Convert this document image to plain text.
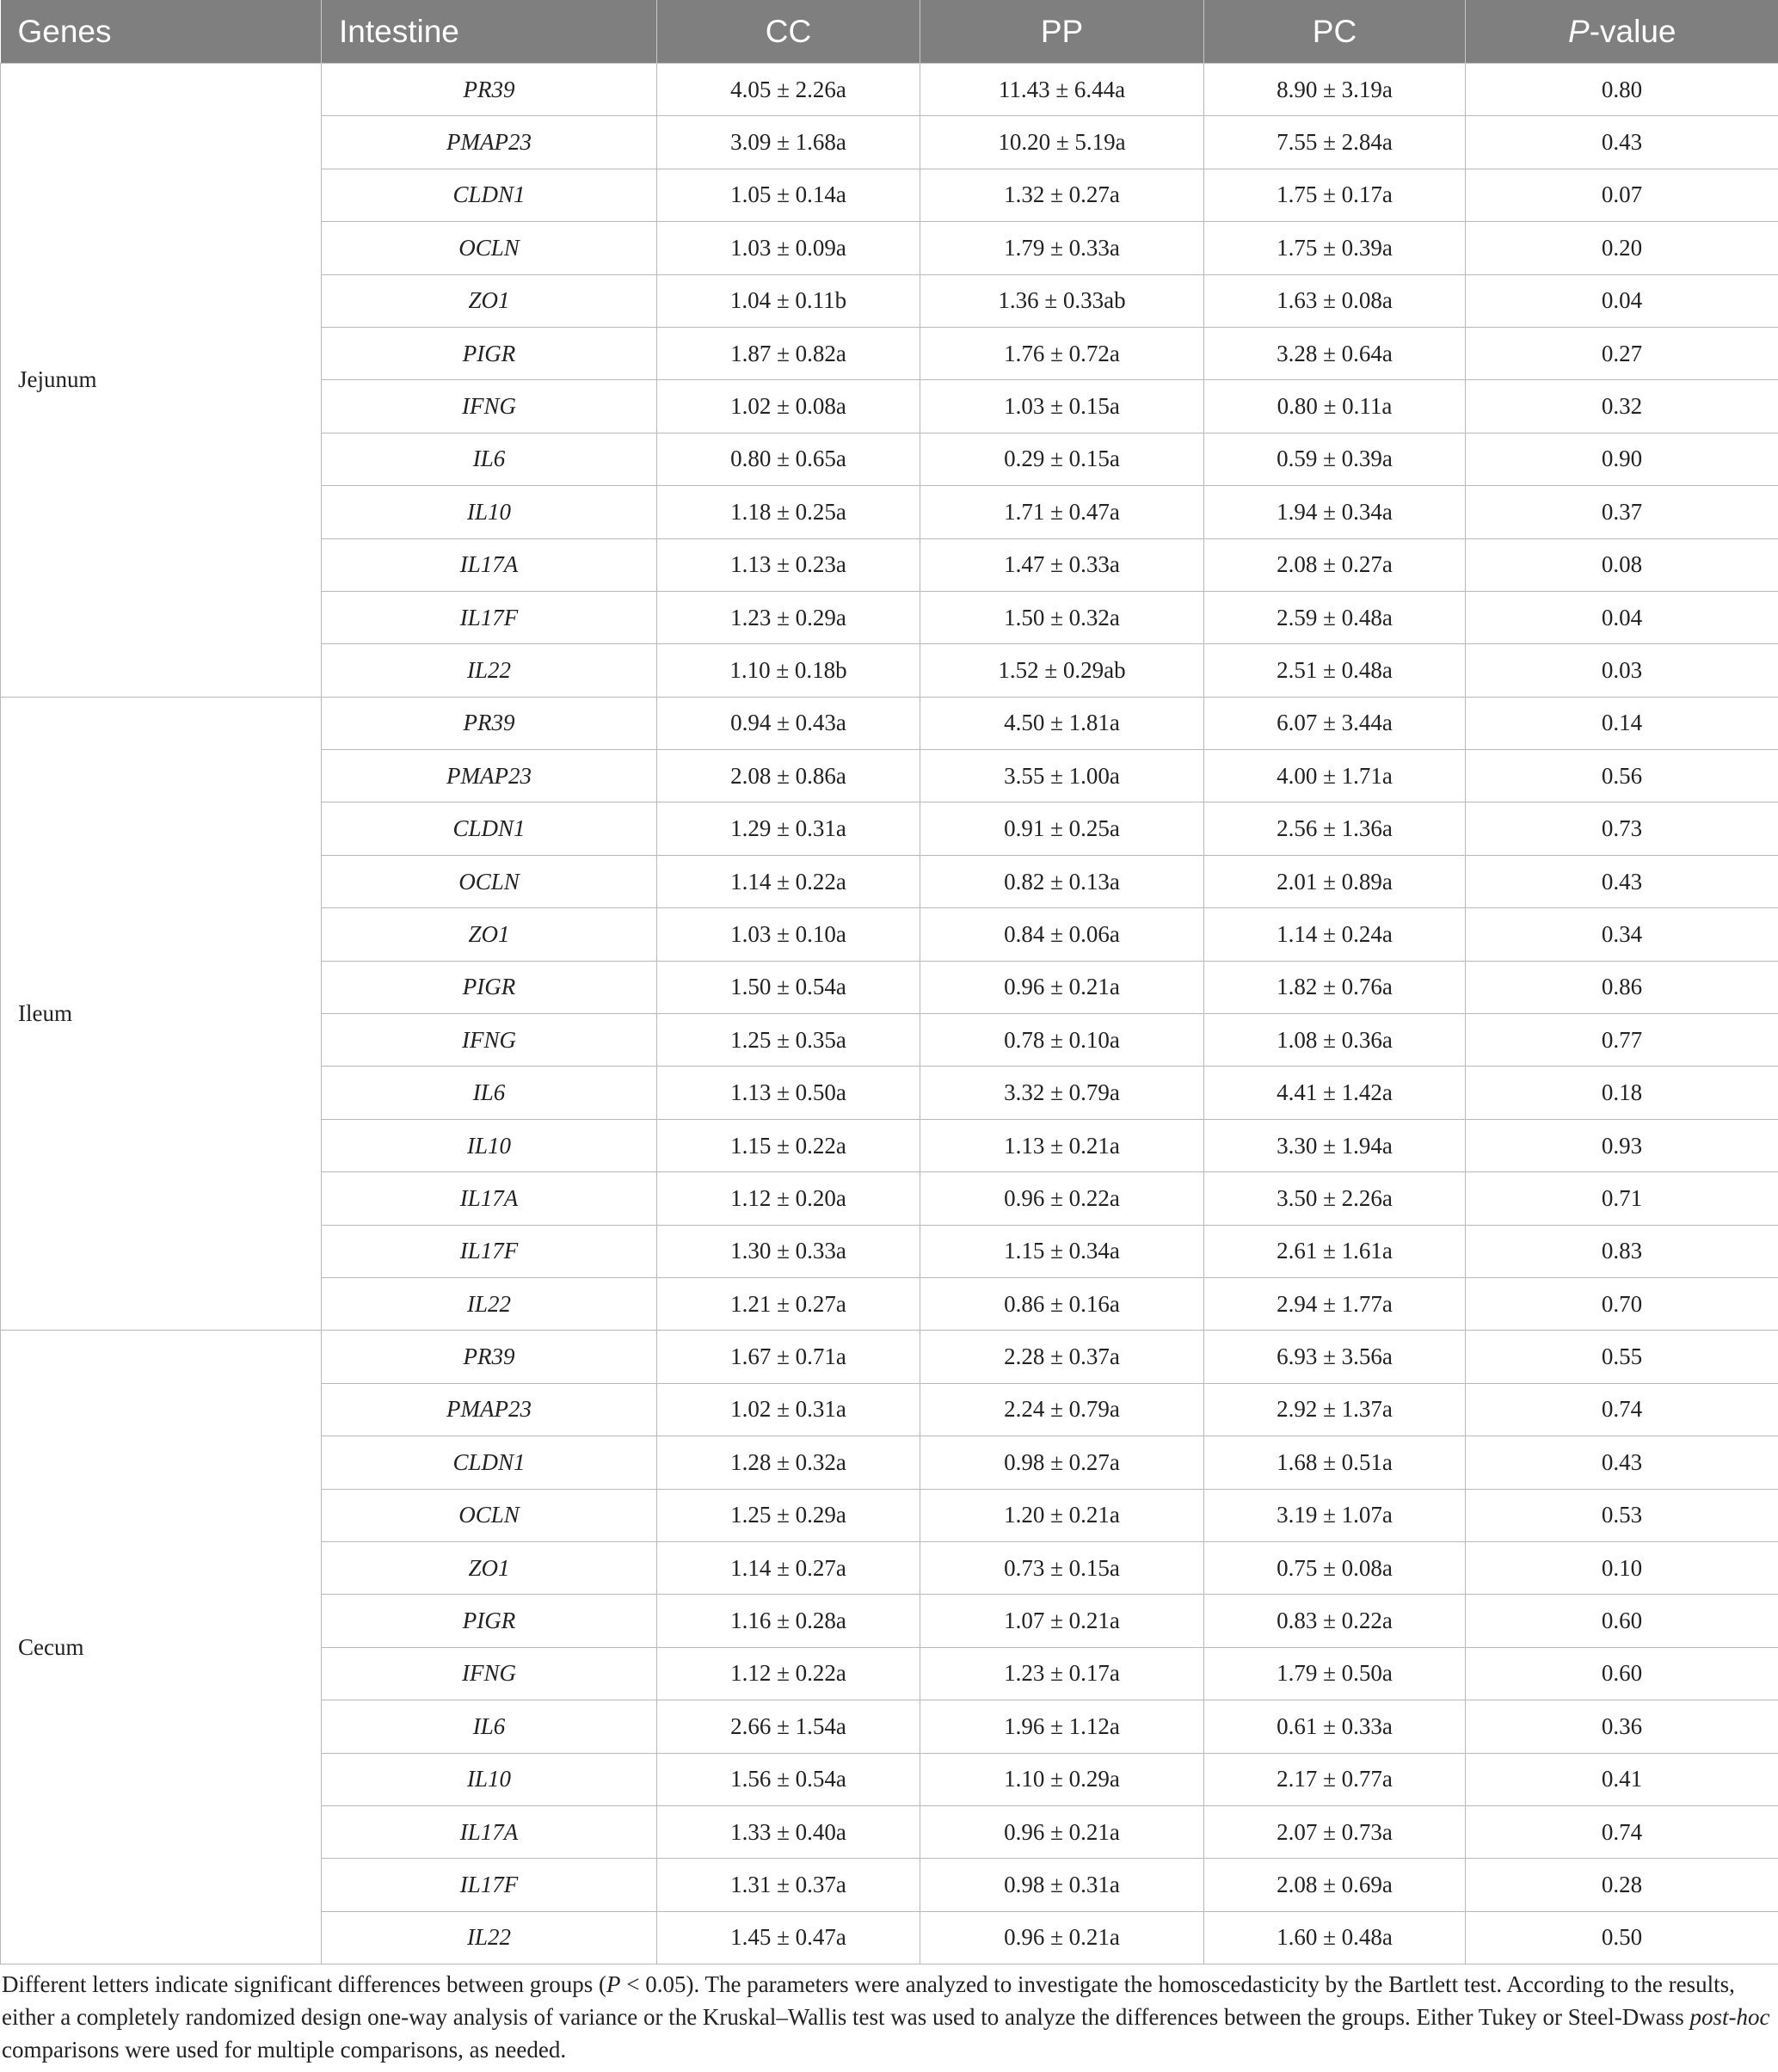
Genes	Intestine	CC	PP	PC	P-value
Jejunum	PR39	4.05 ± 2.26a	11.43 ± 6.44a	8.90 ± 3.19a	0.80
	PMAP23	3.09 ± 1.68a	10.20 ± 5.19a	7.55 ± 2.84a	0.43
	CLDN1	1.05 ± 0.14a	1.32 ± 0.27a	1.75 ± 0.17a	0.07
	OCLN	1.03 ± 0.09a	1.79 ± 0.33a	1.75 ± 0.39a	0.20
	ZO1	1.04 ± 0.11b	1.36 ± 0.33ab	1.63 ± 0.08a	0.04
	PIGR	1.87 ± 0.82a	1.76 ± 0.72a	3.28 ± 0.64a	0.27
	IFNG	1.02 ± 0.08a	1.03 ± 0.15a	0.80 ± 0.11a	0.32
	IL6	0.80 ± 0.65a	0.29 ± 0.15a	0.59 ± 0.39a	0.90
	IL10	1.18 ± 0.25a	1.71 ± 0.47a	1.94 ± 0.34a	0.37
	IL17A	1.13 ± 0.23a	1.47 ± 0.33a	2.08 ± 0.27a	0.08
	IL17F	1.23 ± 0.29a	1.50 ± 0.32a	2.59 ± 0.48a	0.04
	IL22	1.10 ± 0.18b	1.52 ± 0.29ab	2.51 ± 0.48a	0.03
Ileum	PR39	0.94 ± 0.43a	4.50 ± 1.81a	6.07 ± 3.44a	0.14
	PMAP23	2.08 ± 0.86a	3.55 ± 1.00a	4.00 ± 1.71a	0.56
	CLDN1	1.29 ± 0.31a	0.91 ± 0.25a	2.56 ± 1.36a	0.73
	OCLN	1.14 ± 0.22a	0.82 ± 0.13a	2.01 ± 0.89a	0.43
	ZO1	1.03 ± 0.10a	0.84 ± 0.06a	1.14 ± 0.24a	0.34
	PIGR	1.50 ± 0.54a	0.96 ± 0.21a	1.82 ± 0.76a	0.86
	IFNG	1.25 ± 0.35a	0.78 ± 0.10a	1.08 ± 0.36a	0.77
	IL6	1.13 ± 0.50a	3.32 ± 0.79a	4.41 ± 1.42a	0.18
	IL10	1.15 ± 0.22a	1.13 ± 0.21a	3.30 ± 1.94a	0.93
	IL17A	1.12 ± 0.20a	0.96 ± 0.22a	3.50 ± 2.26a	0.71
	IL17F	1.30 ± 0.33a	1.15 ± 0.34a	2.61 ± 1.61a	0.83
	IL22	1.21 ± 0.27a	0.86 ± 0.16a	2.94 ± 1.77a	0.70
Cecum	PR39	1.67 ± 0.71a	2.28 ± 0.37a	6.93 ± 3.56a	0.55
	PMAP23	1.02 ± 0.31a	2.24 ± 0.79a	2.92 ± 1.37a	0.74
	CLDN1	1.28 ± 0.32a	0.98 ± 0.27a	1.68 ± 0.51a	0.43
	OCLN	1.25 ± 0.29a	1.20 ± 0.21a	3.19 ± 1.07a	0.53
	ZO1	1.14 ± 0.27a	0.73 ± 0.15a	0.75 ± 0.08a	0.10
	PIGR	1.16 ± 0.28a	1.07 ± 0.21a	0.83 ± 0.22a	0.60
	IFNG	1.12 ± 0.22a	1.23 ± 0.17a	1.79 ± 0.50a	0.60
	IL6	2.66 ± 1.54a	1.96 ± 1.12a	0.61 ± 0.33a	0.36
	IL10	1.56 ± 0.54a	1.10 ± 0.29a	2.17 ± 0.77a	0.41
	IL17A	1.33 ± 0.40a	0.96 ± 0.21a	2.07 ± 0.73a	0.74
	IL17F	1.31 ± 0.37a	0.98 ± 0.31a	2.08 ± 0.69a	0.28
	IL22	1.45 ± 0.47a	0.96 ± 0.21a	1.60 ± 0.48a	0.50
Different letters indicate significant differences between groups (P < 0.05). The parameters were analyzed to investigate the homoscedasticity by the Bartlett test. According to the results, either a completely randomized design one-way analysis of variance or the Kruskal–Wallis test was used to analyze the differences between the groups. Either Tukey or Steel-Dwass post-hoc comparisons were used for multiple comparisons, as needed.
